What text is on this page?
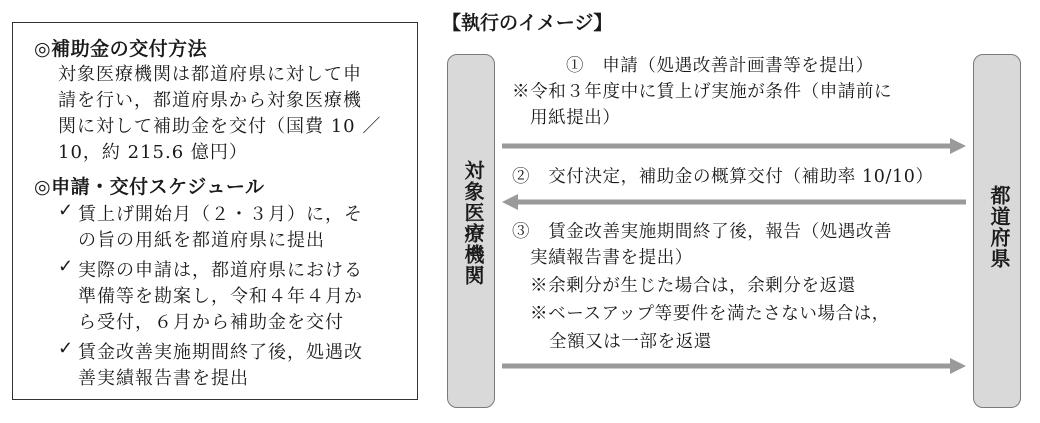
◎補助金の交付方法
対象医療機関は都道府県に対して申
請を行い，都道府県から対象医療機
関に対して補助金を交付（国費 10 ／
10，約 215.6 億円）
◎申請・交付スケジュール
✓ 賃上げ開始月（２・３月）に，そ
の旨の用紙を都道府県に提出
✓ 実際の申請は，都道府県における
準備等を勘案し，令和４年４月か
ら受付，６月から補助金を交付
✓ 賃金改善実施期間終了後，処遇改
善実績報告書を提出
【執行のイメージ】
対象医療機関	都道府県
①　申請（処遇改善計画書等を提出）
※令和３年度中に賃上げ実施が条件（申請前に
用紙提出）
②　交付決定，補助金の概算交付（補助率 10/10）
③　賃金改善実施期間終了後，報告（処遇改善
実績報告書を提出）
※余剰分が生じた場合は，余剰分を返還
※ベースアップ等要件を満たさない場合は，
全額又は一部を返還
